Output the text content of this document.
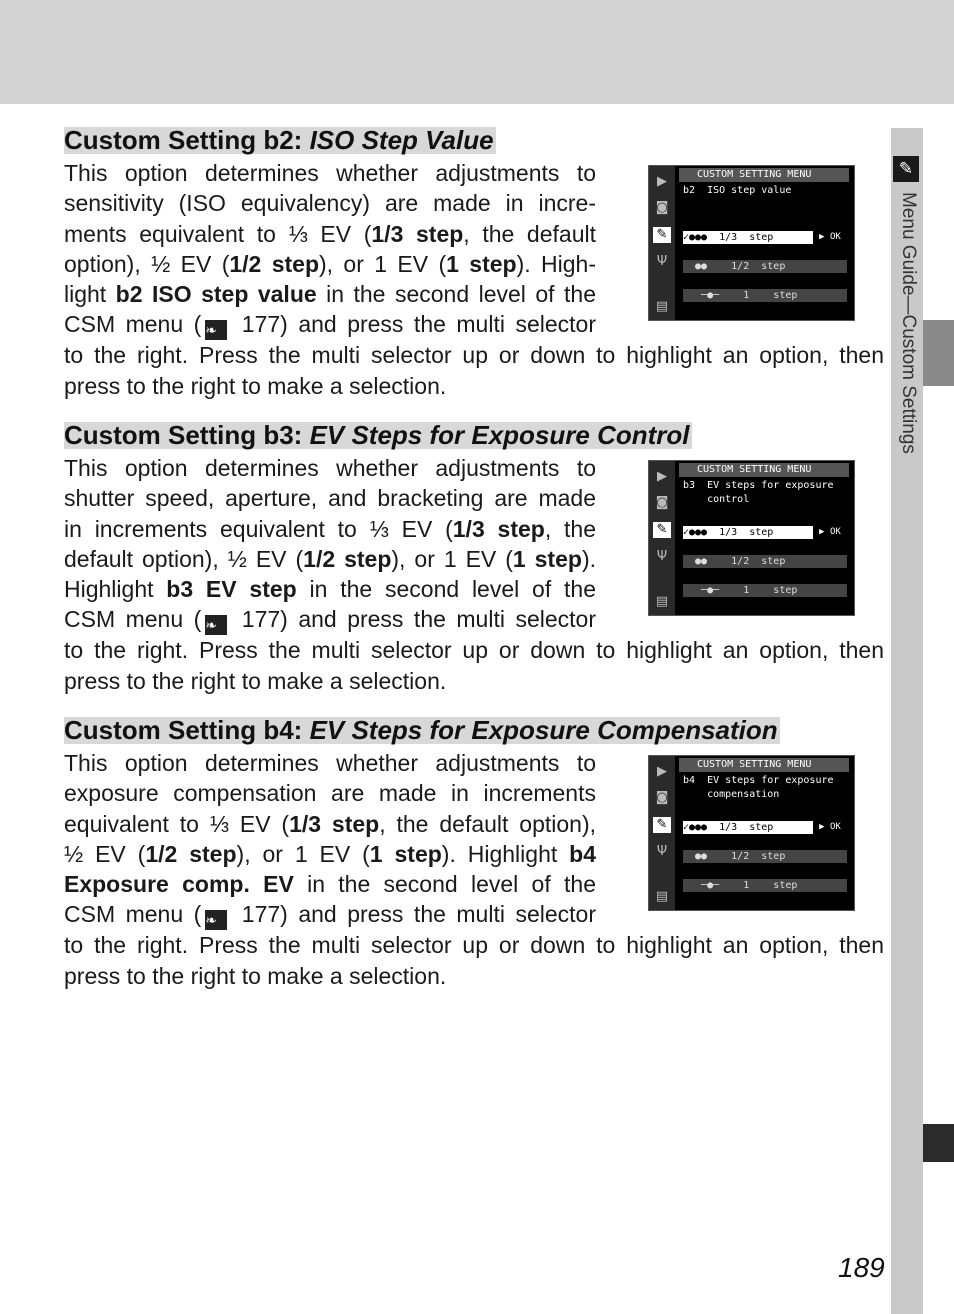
✎
Menu Guide—Custom Settings
Custom Setting b2: ISO Step Value
This option determines whether adjustments to
sensitivity (ISO equivalency) are made in incre-
ments equivalent to ⅓ EV (1/3 step, the default
option), ½ EV (1/2 step), or 1 EV (1 step). High-
light b2 ISO step value in the second level of the
CSM menu ( ❧ 177) and press the multi selector
to the right. Press the multi selector up or down to highlight an option, then
press to the right to make a selection.
▶
◙
✎
Ψ
▤
CUSTOM SETTING MENU
b2  ISO step value
✓●●●  1∕3  step	▶ OK
●●    1∕2  step
─●─    1    step
Custom Setting b3: EV Steps for Exposure Control
This option determines whether adjustments to
shutter speed, aperture, and bracketing are made
in increments equivalent to ⅓ EV (1/3 step, the
default option), ½ EV (1/2 step), or 1 EV (1 step).
Highlight b3 EV step in the second level of the
CSM menu ( ❧ 177) and press the multi selector
to the right. Press the multi selector up or down to highlight an option, then
press to the right to make a selection.
▶
◙
✎
Ψ
▤
CUSTOM SETTING MENU
b3  EV steps for exposure
control
✓●●●  1∕3  step	▶ OK
●●    1∕2  step
─●─    1    step
Custom Setting b4: EV Steps for Exposure Compensation
This option determines whether adjustments to
exposure compensation are made in increments
equivalent to ⅓ EV (1/3 step, the default option),
½ EV (1/2 step), or 1 EV (1 step). Highlight b4
Exposure comp. EV in the second level of the
CSM menu ( ❧ 177) and press the multi selector
to the right. Press the multi selector up or down to highlight an option, then
press to the right to make a selection.
▶
◙
✎
Ψ
▤
CUSTOM SETTING MENU
b4  EV steps for exposure
compensation
✓●●●  1∕3  step	▶ OK
●●    1∕2  step
─●─    1    step
189
